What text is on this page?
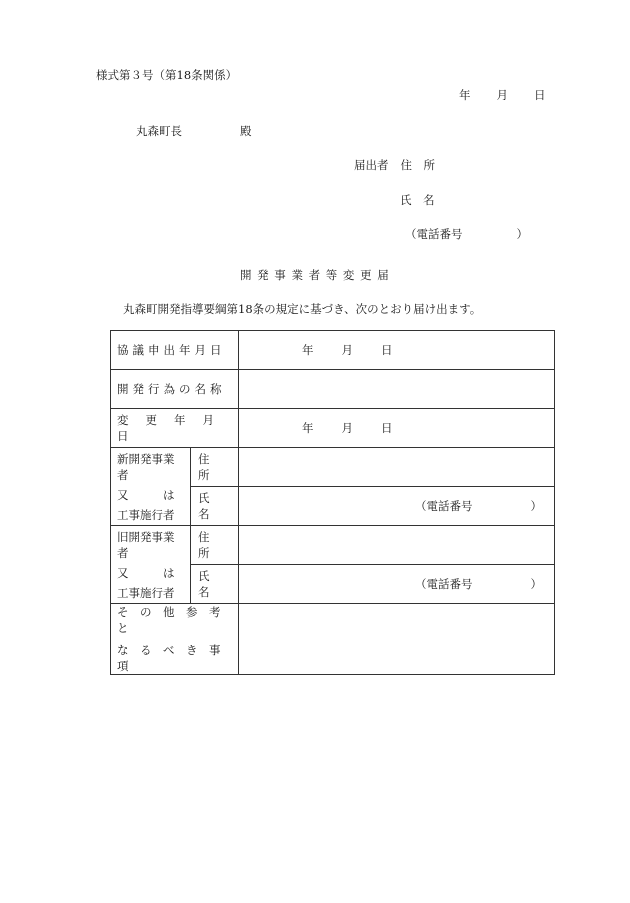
様式第３号（第18条関係）
年 月 日
丸森町長	殿
届出者 住　所
氏　名
（電話番号	）
開 発 事 業 者 等 変 更 届
丸森町開発指導要綱第18条の規定に基づき、次のとおり届け出ます。
協議申出年月日		年 月 日
開発行為の名称		
変更年月日		年 月 日

新開発事業者
又　　　は
工事施行者	住　所	
	氏　名	（電話番号 ）

旧開発事業者
又　　　は
工事施行者	住　所	
	氏　名	（電話番号 ）

そ　の　他　参　考　と
な　る　べ　き　事　項		
